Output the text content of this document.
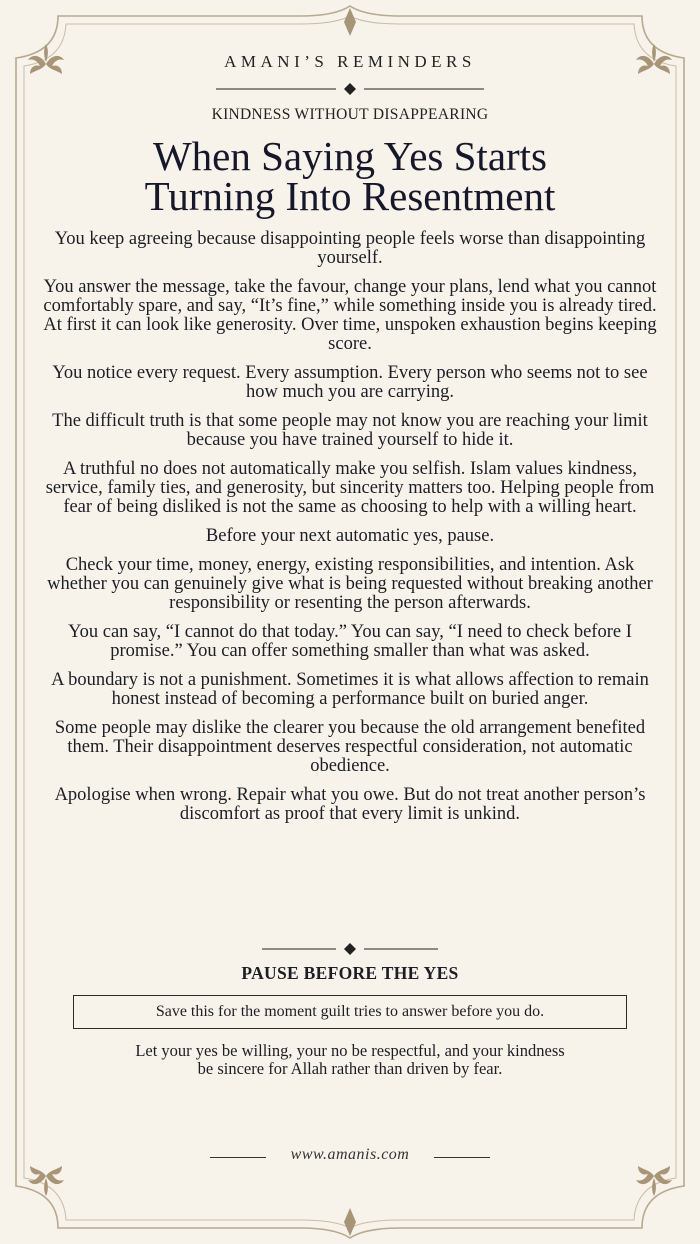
AMANI’S REMINDERS
KINDNESS WITHOUT DISAPPEARING
When Saying Yes Starts
Turning Into Resentment

You keep agreeing because disappointing people feels worse than disappointing yourself.

You answer the message, take the favour, change your plans, lend what you cannot comfortably spare, and say, “It’s fine,” while something inside you is already tired. At first it can look like generosity. Over time, unspoken exhaustion begins keeping score.

You notice every request. Every assumption. Every person who seems not to see how much you are carrying.

The difficult truth is that some people may not know you are reaching your limit because you have trained yourself to hide it.

A truthful no does not automatically make you selfish. Islam values kindness, service, family ties, and generosity, but sincerity matters too. Helping people from fear of being disliked is not the same as choosing to help with a willing heart.

Before your next automatic yes, pause.

Check your time, money, energy, existing responsibilities, and intention. Ask whether you can genuinely give what is being requested without breaking another responsibility or resenting the person afterwards.

You can say, “I cannot do that today.” You can say, “I need to check before I promise.” You can offer something smaller than what was asked.

A boundary is not a punishment. Sometimes it is what allows affection to remain honest instead of becoming a performance built on buried anger.

Some people may dislike the clearer you because the old arrangement benefited them. Their disappointment deserves respectful consideration, not automatic obedience.

Apologise when wrong. Repair what you owe. But do not treat another person’s discomfort as proof that every limit is unkind.

PAUSE BEFORE THE YES
Save this for the moment guilt tries to answer before you do.
Let your yes be willing, your no be respectful, and your kindness
be sincere for Allah rather than driven by fear.
www.amanis.com
